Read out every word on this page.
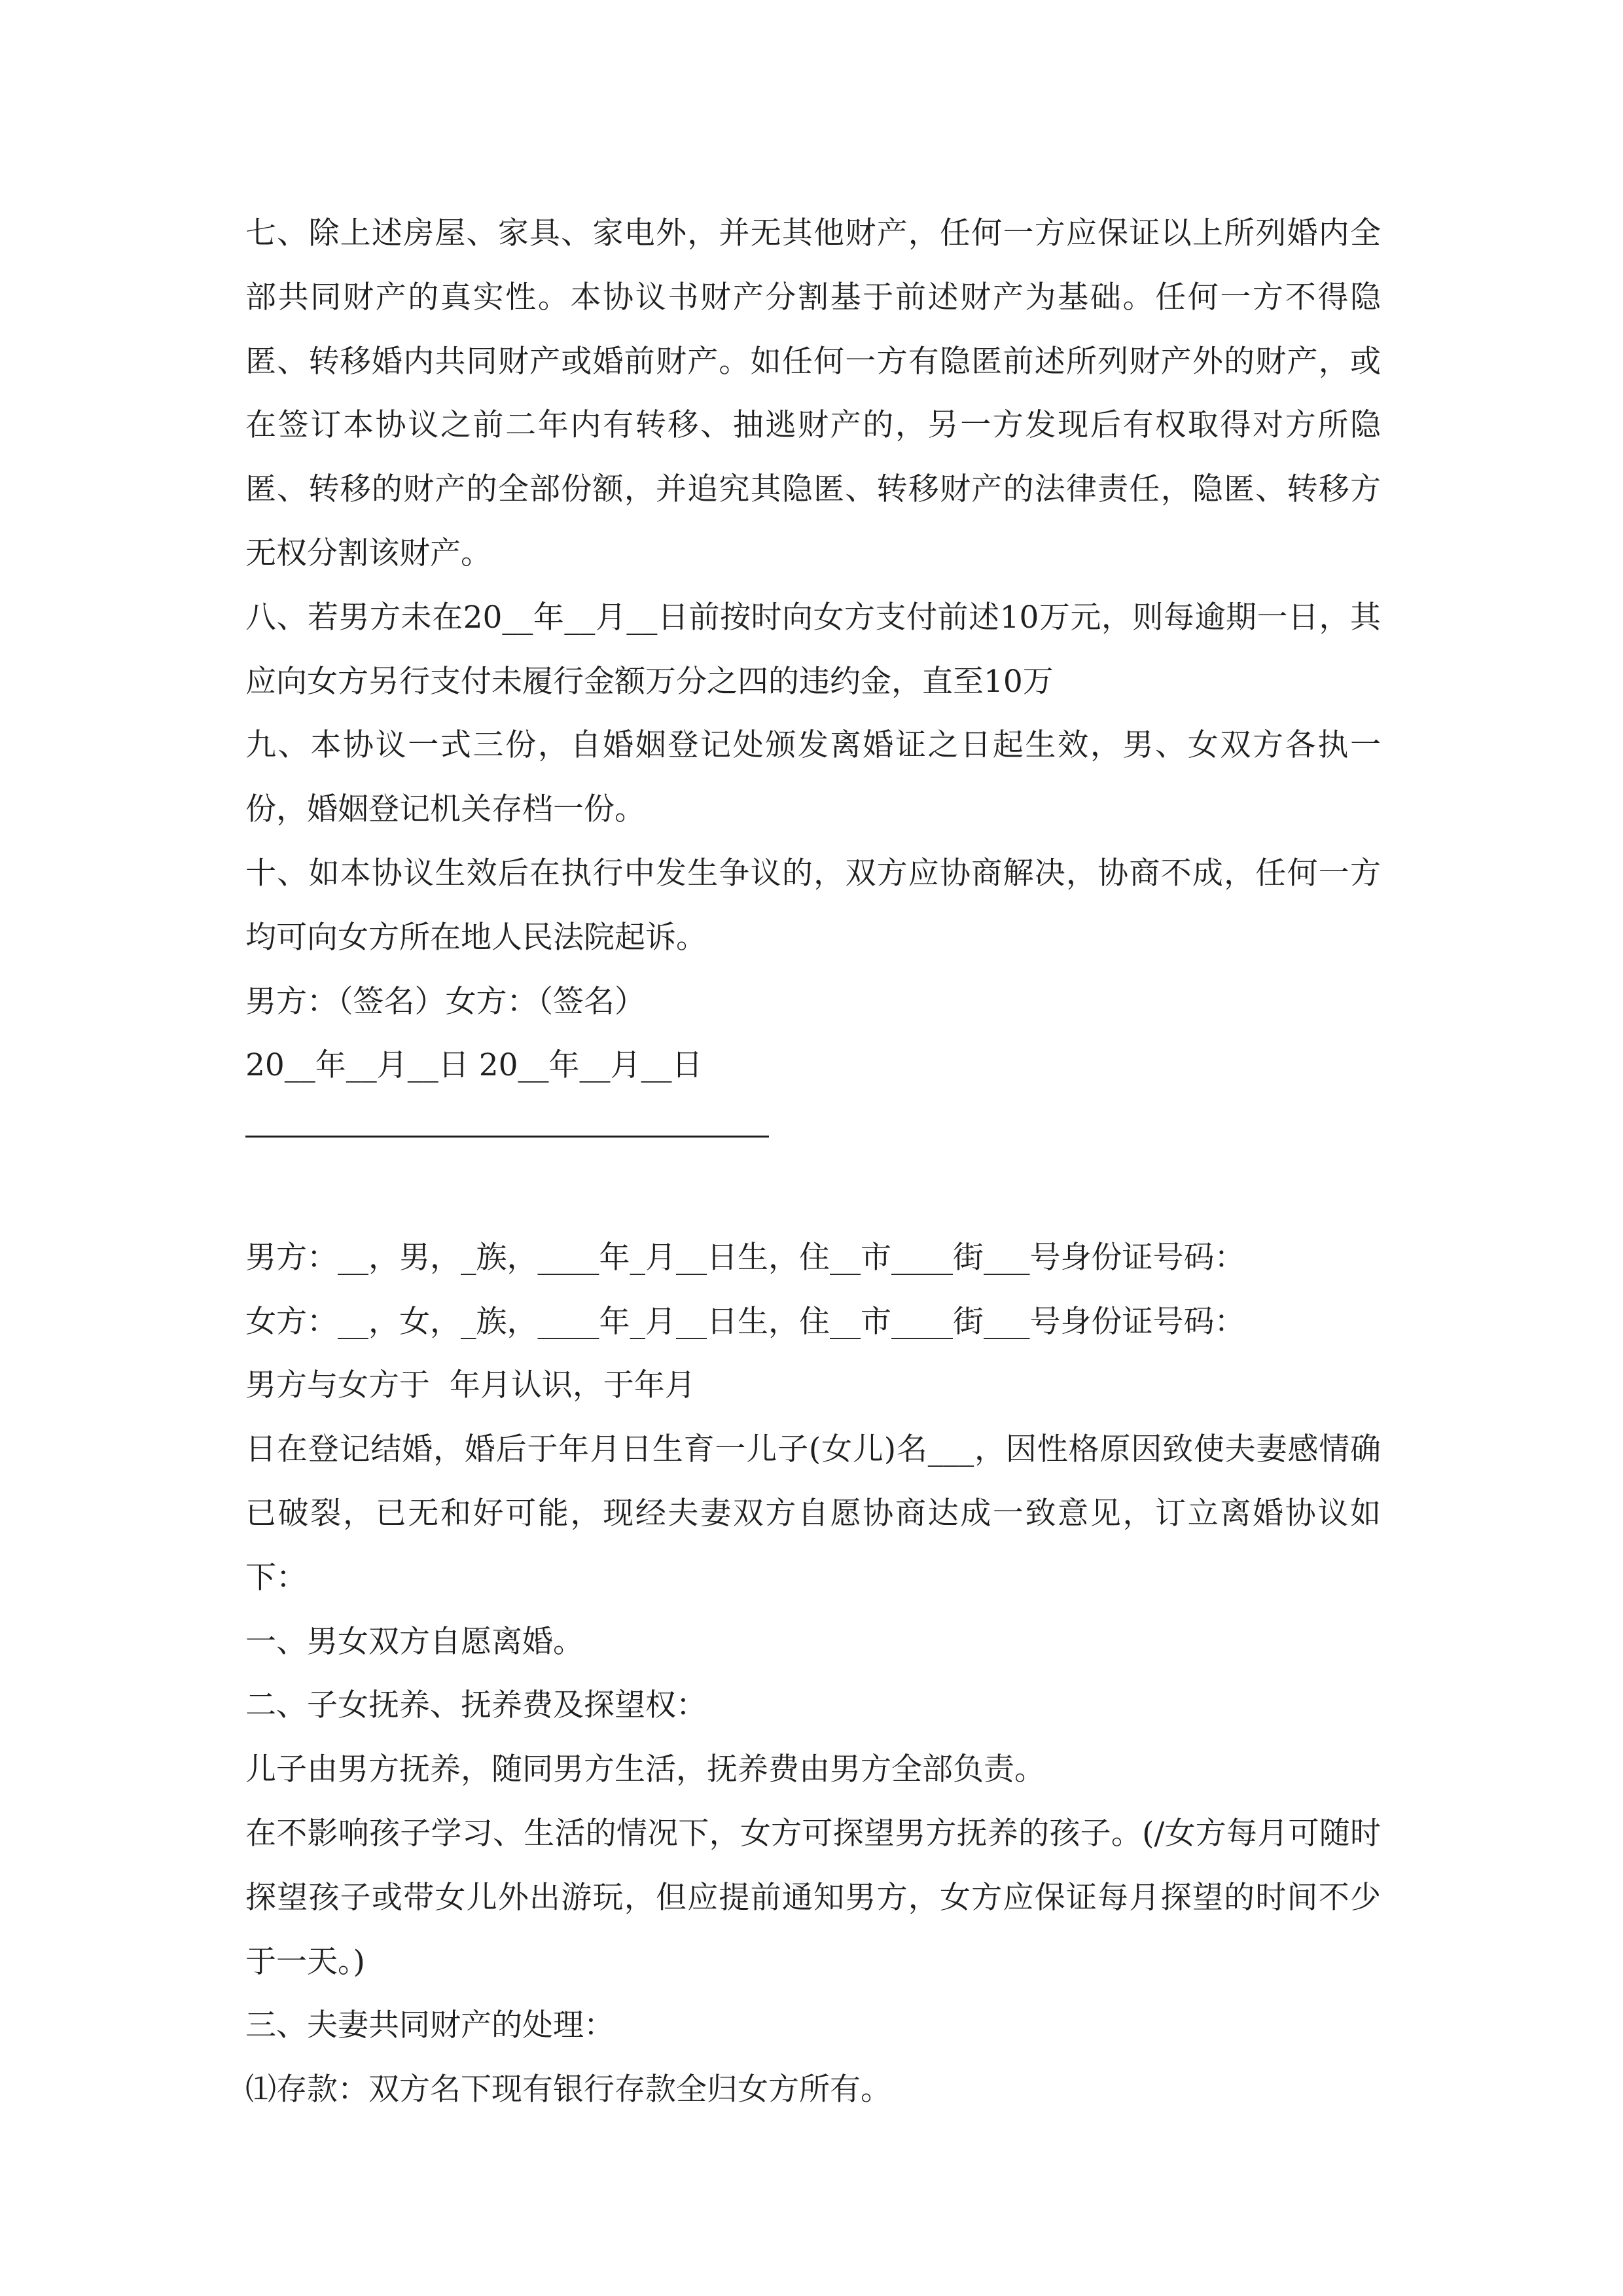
七、除上述房屋、家具、家电外，并无其他财产，任何一方应保证以上所列婚内全部共同财产的真实性。本协议书财产分割基于前述财产为基础。任何一方不得隐匿、转移婚内共同财产或婚前财产。如任何一方有隐匿前述所列财产外的财产，或在签订本协议之前二年内有转移、抽逃财产的，另一方发现后有权取得对方所隐匿、转移的财产的全部份额，并追究其隐匿、转移财产的法律责任，隐匿、转移方无权分割该财产。

八、若男方未在20__年__月__日前按时向女方支付前述10万元，则每逾期一日，其应向女方另行支付未履行金额万分之四的违约金，直至10万

九、本协议一式三份，自婚姻登记处颁发离婚证之日起生效，男、女双方各执一份，婚姻登记机关存档一份。

十、如本协议生效后在执行中发生争议的，双方应协商解决，协商不成，任何一方均可向女方所在地人民法院起诉。

男方：（签名）女方：（签名）

20__年__月__日 20__年__月__日

男方：__，男，_族，____年_月__日生，住__市____街___号身份证号码：

女方：__，女，_族，____年_月__日生，住__市____街___号身份证号码：

男方与女方于  年月认识，于年月

日在登记结婚，婚后于年月日生育一儿子(女儿)名___，因性格原因致使夫妻感情确已破裂，已无和好可能，现经夫妻双方自愿协商达成一致意见，订立离婚协议如下：

一、男女双方自愿离婚。

二、子女抚养、抚养费及探望权：

儿子由男方抚养，随同男方生活，抚养费由男方全部负责。

在不影响孩子学习、生活的情况下，女方可探望男方抚养的孩子。(/女方每月可随时探望孩子或带女儿外出游玩，但应提前通知男方，女方应保证每月探望的时间不少于一天。)

三、夫妻共同财产的处理：

⑴存款：双方名下现有银行存款全归女方所有。
